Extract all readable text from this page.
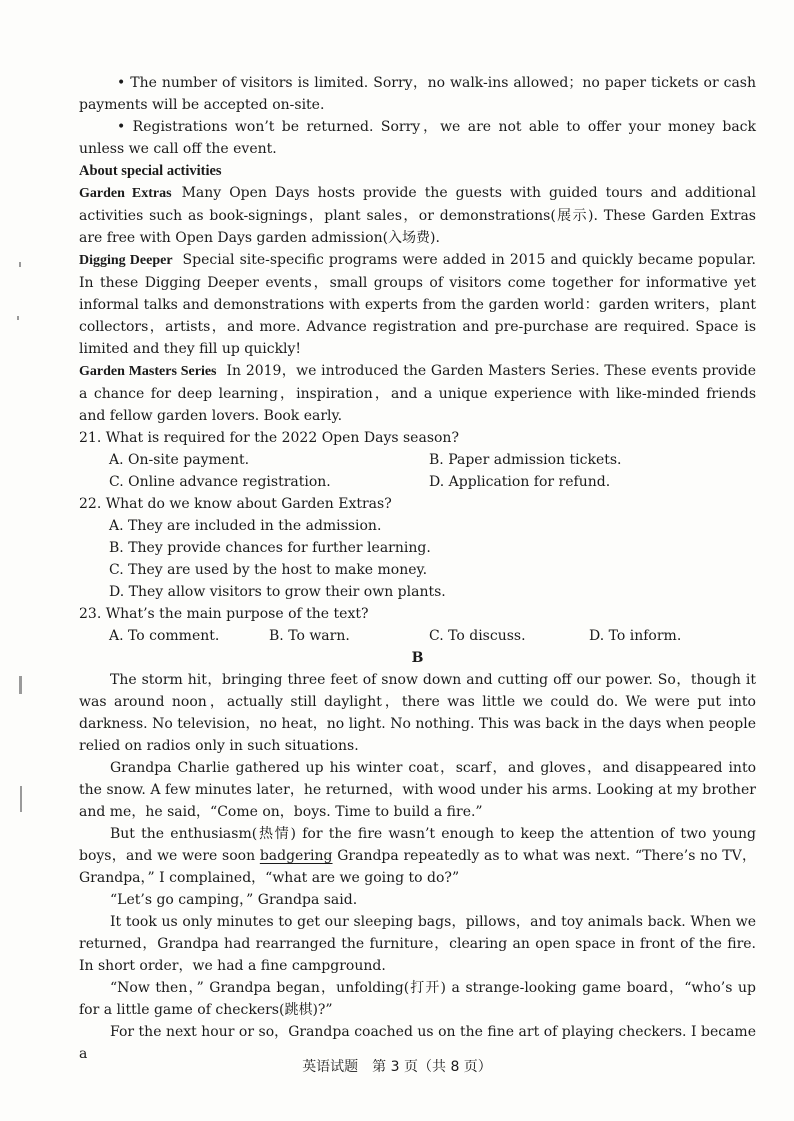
• The number of visitors is limited. Sorry，no walk-ins allowed；no paper tickets or cash payments will be accepted on-site.

• Registrations won’t be returned. Sorry，we are not able to offer your money back unless we call off the event.

About special activities

Garden Extras Many Open Days hosts provide the guests with guided tours and additional activities such as book-signings，plant sales，or demonstrations(展示). These Garden Extras are free with Open Days garden admission(入场费).

Digging Deeper Special site-specific programs were added in 2015 and quickly became popular. In these Digging Deeper events，small groups of visitors come together for informative yet informal talks and demonstrations with experts from the garden world：garden writers，plant collectors，artists，and more. Advance registration and pre-purchase are required. Space is limited and they fill up quickly!

Garden Masters Series In 2019，we introduced the Garden Masters Series. These events provide a chance for deep learning，inspiration，and a unique experience with like-minded friends and fellow garden lovers. Book early.

21. What is required for the 2022 Open Days season?

A. On-site payment.	B. Paper admission tickets.
C. Online advance registration.	D. Application for refund.

22. What do we know about Garden Extras?

A. They are included in the admission.

B. They provide chances for further learning.

C. They are used by the host to make money.

D. They allow visitors to grow their own plants.

23. What’s the main purpose of the text?

A. To comment.	B. To warn.	C. To discuss.	D. To inform.

B

The storm hit，bringing three feet of snow down and cutting off our power. So，though it was around noon，actually still daylight，there was little we could do. We were put into darkness. No television，no heat，no light. No nothing. This was back in the days when people relied on radios only in such situations.

Grandpa Charlie gathered up his winter coat，scarf，and gloves，and disappeared into the snow. A few minutes later，he returned，with wood under his arms. Looking at my brother and me，he said，“Come on，boys. Time to build a fire.”

But the enthusiasm(热情) for the fire wasn’t enough to keep the attention of two young boys，and we were soon badgering Grandpa repeatedly as to what was next. “There’s no TV，Grandpa，” I complained，“what are we going to do?”

“Let’s go camping，” Grandpa said.

It took us only minutes to get our sleeping bags，pillows，and toy animals back. When we returned，Grandpa had rearranged the furniture，clearing an open space in front of the fire. In short order，we had a fine campground.

“Now then，” Grandpa began，unfolding(打开) a strange-looking game board，“who’s up for a little game of checkers(跳棋)?”

For the next hour or so，Grandpa coached us on the fine art of playing checkers. I became a

英语试题　第 3 页（共 8 页）
